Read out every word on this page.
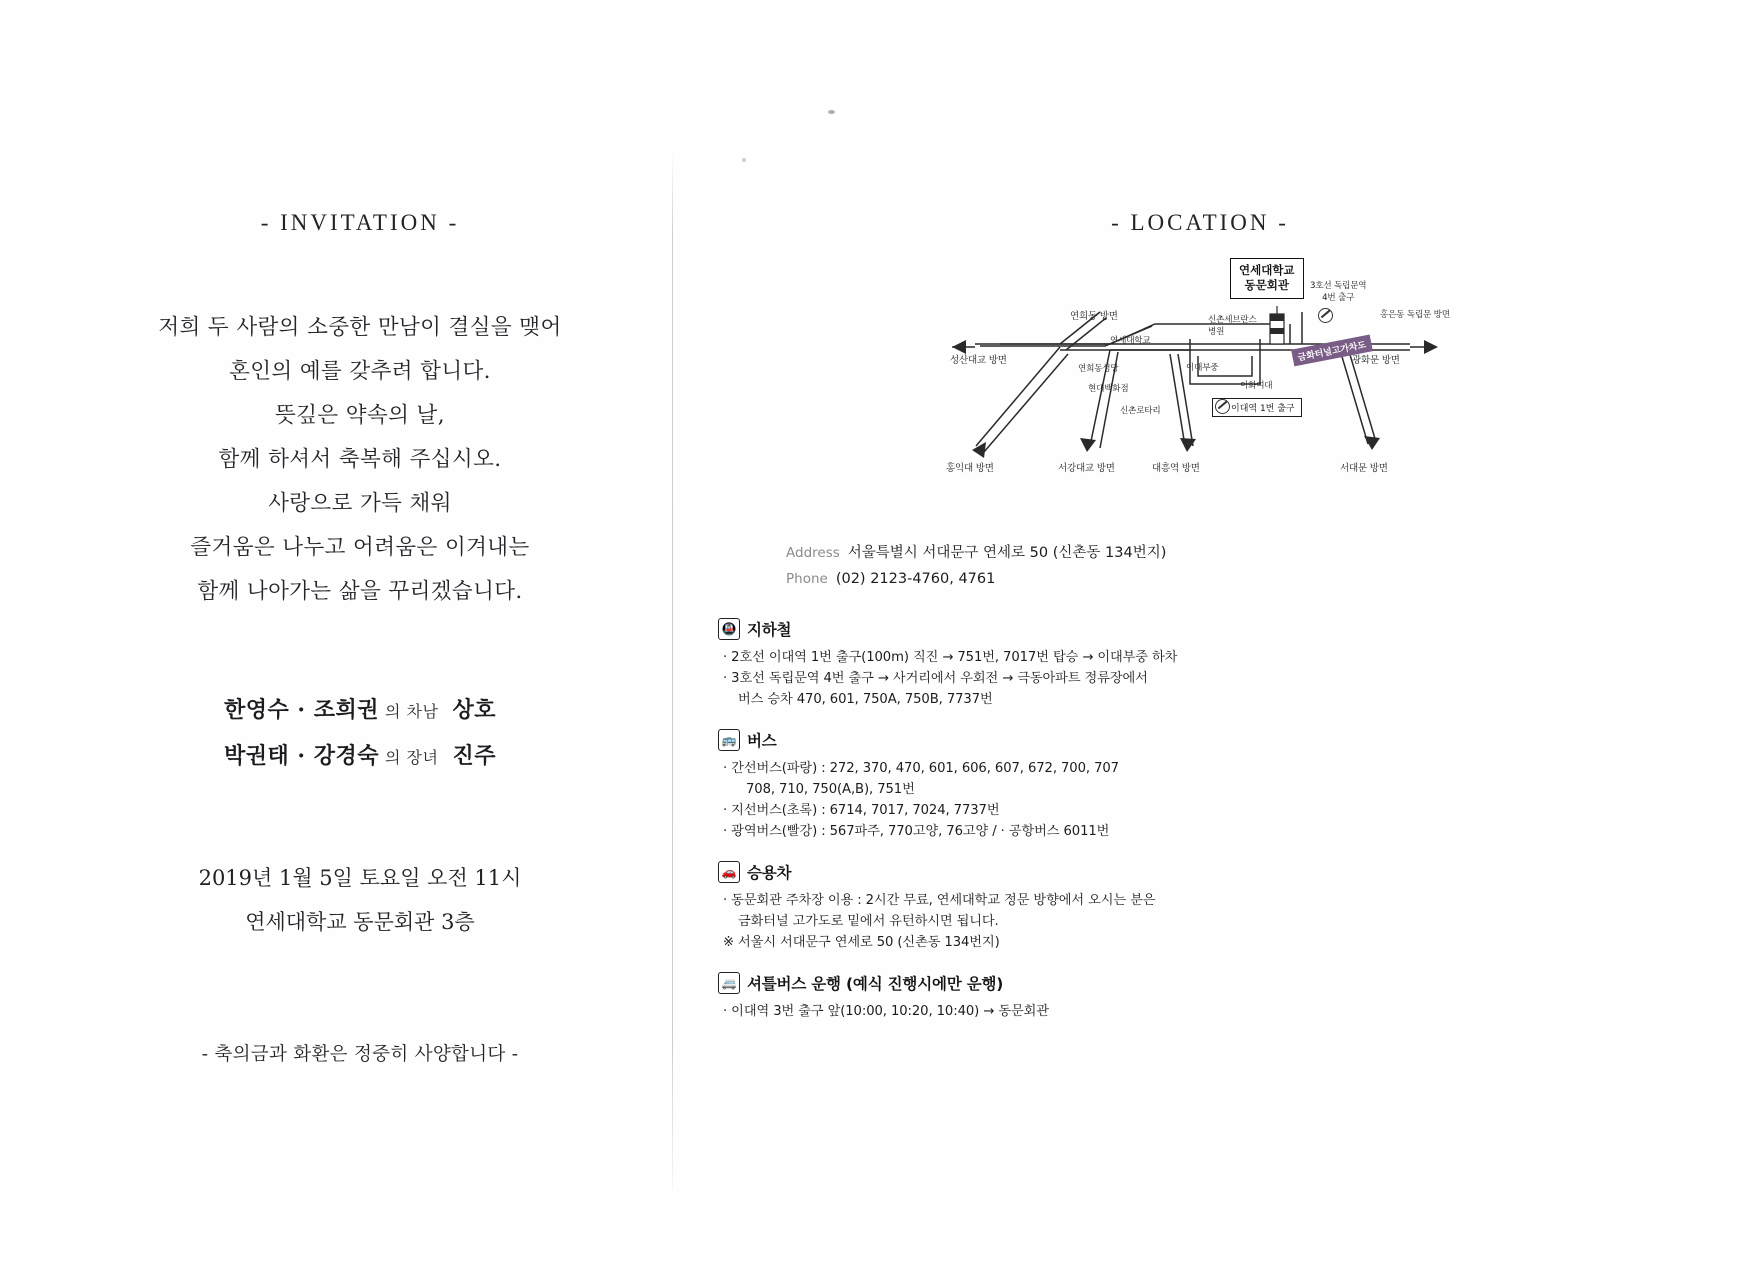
- INVITATION -
저희 두 사람의 소중한 만남이 결실을 맺어
혼인의 예를 갖추려 합니다.
뜻깊은 약속의 날,
함께 하셔서 축복해 주십시오.
사랑으로 가득 채워
즐거움은 나누고 어려움은 이겨내는
함께 나아가는 삶을 꾸리겠습니다.
한영수 · 조희권 의 차남 상호
박권태 · 강경숙 의 장녀 진주
2019년 1월 5일 토요일 오전 11시
연세대학교 동문회관 3층
- 축의금과 화환은 정중히 사양합니다 -
- LOCATION -
연세대학교
동문회관	3호선 독립문역
4번 출구
홍은동 독립문 방면
연희동 방면	신촌세브란스
병원
연세대학교
성산대교 방면	광화문 방면
연희동성당	이대부중
이화여대
현대백화점
신촌로타리
홍익대 방면	서강대교 방면	대흥역 방면	서대문 방면
금화터널고가차도
이대역 1번 출구
Address 서울특별시 서대문구 연세로 50 (신촌동 134번지)
Phone (02) 2123-4760, 4761
🚇 지하철
· 2호선 이대역 1번 출구(100m) 직진 → 751번, 7017번 탑승 → 이대부중 하차
· 3호선 독립문역 4번 출구 → 사거리에서 우회전 → 극동아파트 정류장에서
버스 승차 470, 601, 750A, 750B, 7737번
🚌 버스
· 간선버스(파랑) : 272, 370, 470, 601, 606, 607, 672, 700, 707
708, 710, 750(A,B), 751번
· 지선버스(초록) : 6714, 7017, 7024, 7737번
· 광역버스(빨강) : 567파주, 770고양, 76고양 / · 공항버스 6011번
🚗 승용차
· 동문회관 주차장 이용 : 2시간 무료, 연세대학교 정문 방향에서 오시는 분은
금화터널 고가도로 밑에서 유턴하시면 됩니다.
※ 서울시 서대문구 연세로 50 (신촌동 134번지)
🚐 셔틀버스 운행 (예식 진행시에만 운행)
· 이대역 3번 출구 앞(10:00, 10:20, 10:40) → 동문회관
